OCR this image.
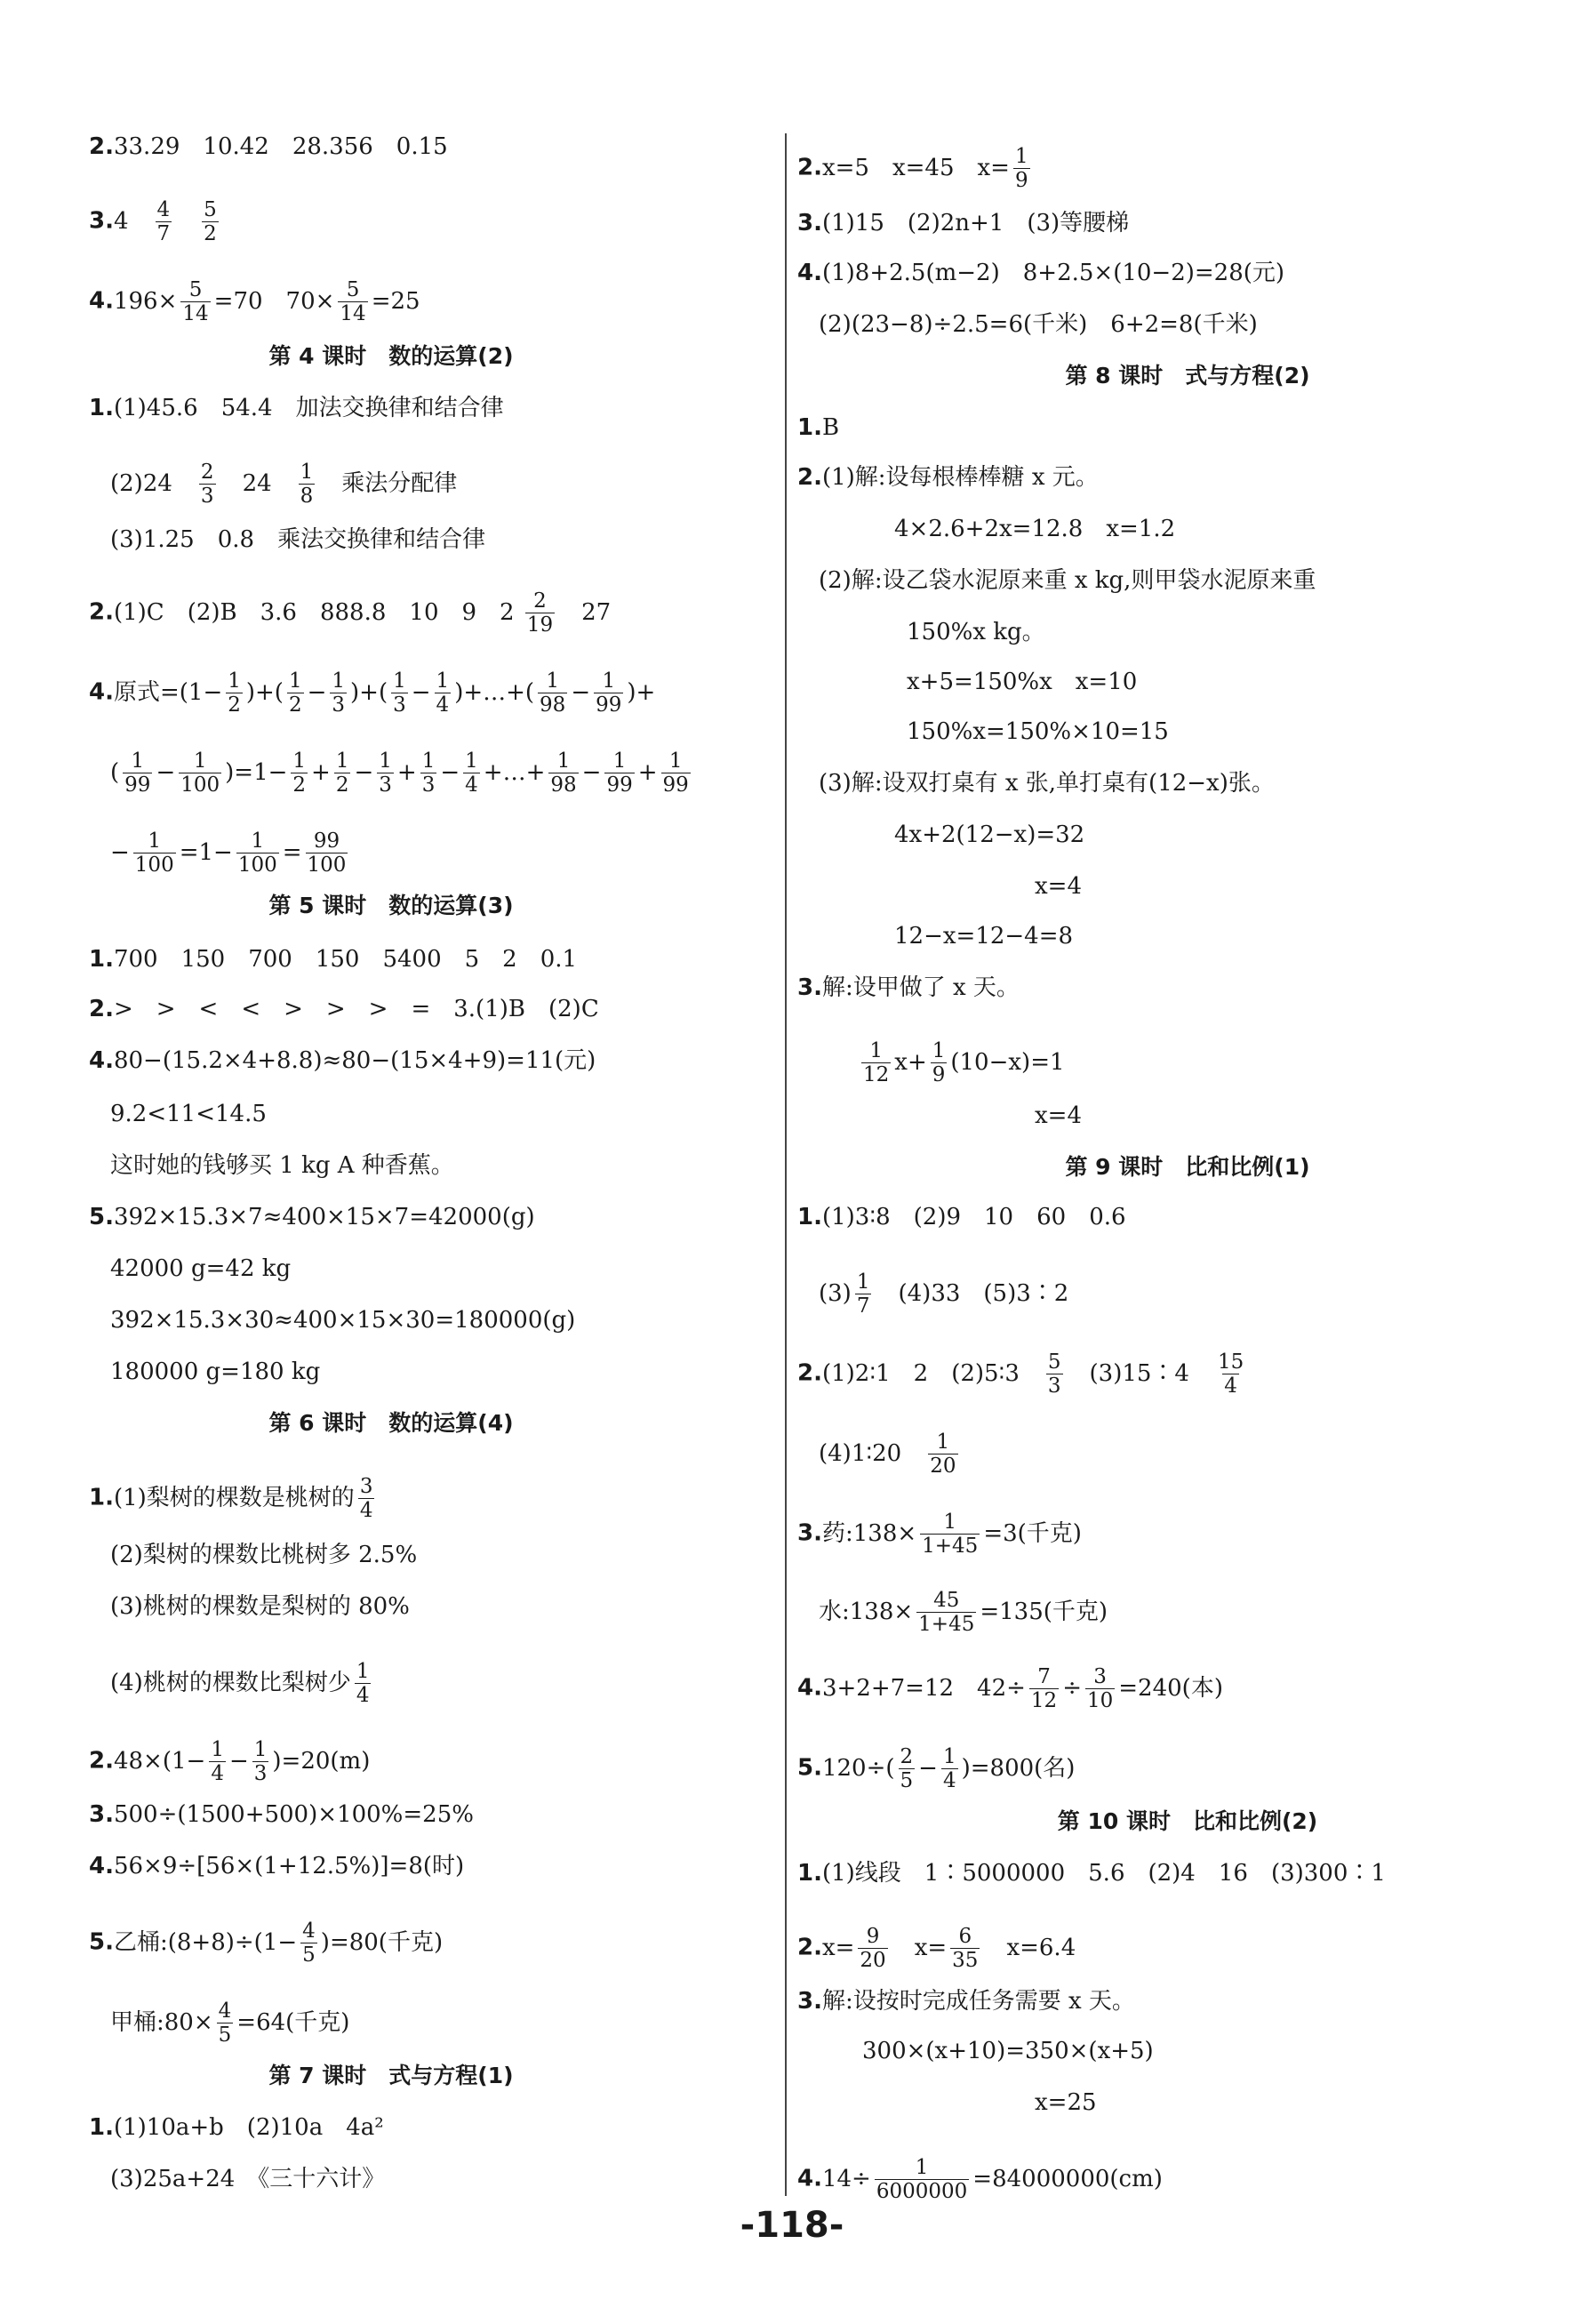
2.33.29　10.42　28.356　0.15
3.4　 $\frac{4}{7}$
　 $\frac{5}{2}$
$4.196\times \frac{5}{14} =70$　$70\times \frac{5}{14} =25$
第 4 课时　数的运算(2)
1.(1)45.6　54.4　加法交换律和结合律
(2)24　 $\frac{2}{3}$ 　24　 $\frac{1}{8}$ 　乘法分配律
(3)1.25　0.8　乘法交换律和结合律
2.(1)C　(2)B　3.6　888.8　10　9　$2 \frac{2}{19}$ 　27
4.原式$=(1- \frac{1}{2}$ )+( $\frac{1}{2} - \frac{1}{3}$ )+( $\frac{1}{3} - \frac{1}{4}$ )+…+( $\frac{1}{98} - \frac{1}{99}$ )+
( $\frac{1}{99} - \frac{1}{100} )=1- \frac{1}{2} + \frac{1}{2} - \frac{1}{3} + \frac{1}{3} - \frac{1}{4}$ +…+ $\frac{1}{98} - \frac{1}{99} + \frac{1}{99}$
− $\frac{1}{100} =1- \frac{1}{100} = \frac{99}{100}$
第 5 课时　数的运算(3)
1.700　150　700　150　5400　5　2　0.1
2.>　>　<　<　>　>　>　=　3.(1)B　(2)C
4.80−(15.2×4+8.8)≈80−(15×4+9)=11(元)
9.2<11<14.5
这时她的钱够买 1 kg A 种香蕉。
5.392×15.3×7≈400×15×7=42000(g)
42000 g=42 kg
392×15.3×30≈400×15×30=180000(g)
180000 g=180 kg
第 6 课时　数的运算(4)
1.(1)梨树的棵数是桃树的 $\frac{3}{4}$
(2)梨树的棵数比桃树多 2.5%
(3)桃树的棵数是梨树的 80%
(4)桃树的棵数比梨树少 $\frac{1}{4}$
$2.48\times(1- \frac{1}{4} - \frac{1}{3} )=20(m)$
3.500÷(1500+500)×100%=25%
4.56×9÷[56×(1+12.5%)]=8(时)
5.乙桶:(8+8)÷(1− $\frac{4}{5} )=80$(千克)
甲桶:80× $\frac{4}{5} =64$(千克)
第 7 课时　式与方程(1)
1.(1)10a+b　(2)10a　4a²
(3)25a+24　《三十六计》
2.x=5　x=45　$x= \frac{1}{9}$
3.(1)15　(2)2n+1　(3)等腰梯
4.(1)8+2.5(m−2)　8+2.5×(10−2)=28(元)
(2)(23−8)÷2.5=6(千米)　6+2=8(千米)
第 8 课时　式与方程(2)
1.B
2.(1)解:设每根棒棒糖 x 元。
4×2.6+2x=12.8　x=1.2
(2)解:设乙袋水泥原来重 x kg,则甲袋水泥原来重
150%x kg。
x+5=150%x　x=10
150%x=150%×10=15
(3)解:设双打桌有 x 张,单打桌有(12−x)张。
4x+2(12−x)=32
x=4
12−x=12−4=8
3.解:设甲做了 x 天。
$\frac{1}{12} x+ \frac{1}{9} (10-x)=1$
x=4
第 9 课时　比和比例(1)
1.(1)3∶8　(2)9　10　60　0.6
$(3) \frac{1}{7}$ 　(4)33　(5)3∶2
2.(1)2∶1　2　(2)5∶3　 $\frac{5}{3}$ 　(3)15∶4　 $\frac{15}{4}$
(4)1∶20　 $\frac{1}{20}$
3.药:138× $\frac{1}{1+45} =3$(千克)
水:138× $\frac{45}{1+45} =135$(千克)
4.3+2+7=12　$42\div \frac{7}{12} \div \frac{3}{10} =240$(本)
$5.120\div( \frac{2}{5} - \frac{1}{4} )=800$(名)
第 10 课时　比和比例(2)
1.(1)线段　1∶5000000　5.6　(2)4　16　(3)300∶1
$2.x= \frac{9}{20}$ 　$x= \frac{6}{35}$ 　x=6.4
3.解:设按时完成任务需要 x 天。
300×(x+10)=350×(x+5)
x=25
$4.14\div \frac{1}{6000000} =84000000(cm)$
-118-
